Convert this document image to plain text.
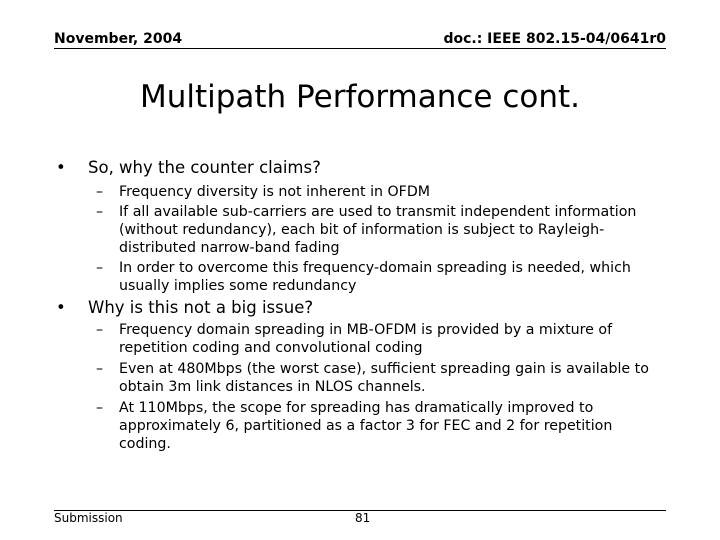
November, 2004	doc.: IEEE 802.15-04/0641r0
Multipath Performance cont.
• So, why the counter claims?
– Frequency diversity is not inherent in OFDM
– If all available sub-carriers are used to transmit independent information
(without redundancy), each bit of information is subject to Rayleigh-
distributed narrow-band fading
– In order to overcome this frequency-domain spreading is needed, which
usually implies some redundancy
• Why is this not a big issue?
– Frequency domain spreading in MB-OFDM is provided by a mixture of
repetition coding and convolutional coding
– Even at 480Mbps (the worst case), sufficient spreading gain is available to
obtain 3m link distances in NLOS channels.
– At 110Mbps, the scope for spreading has dramatically improved to
approximately 6, partitioned as a factor 3 for FEC and 2 for repetition
coding.
Submission	81
